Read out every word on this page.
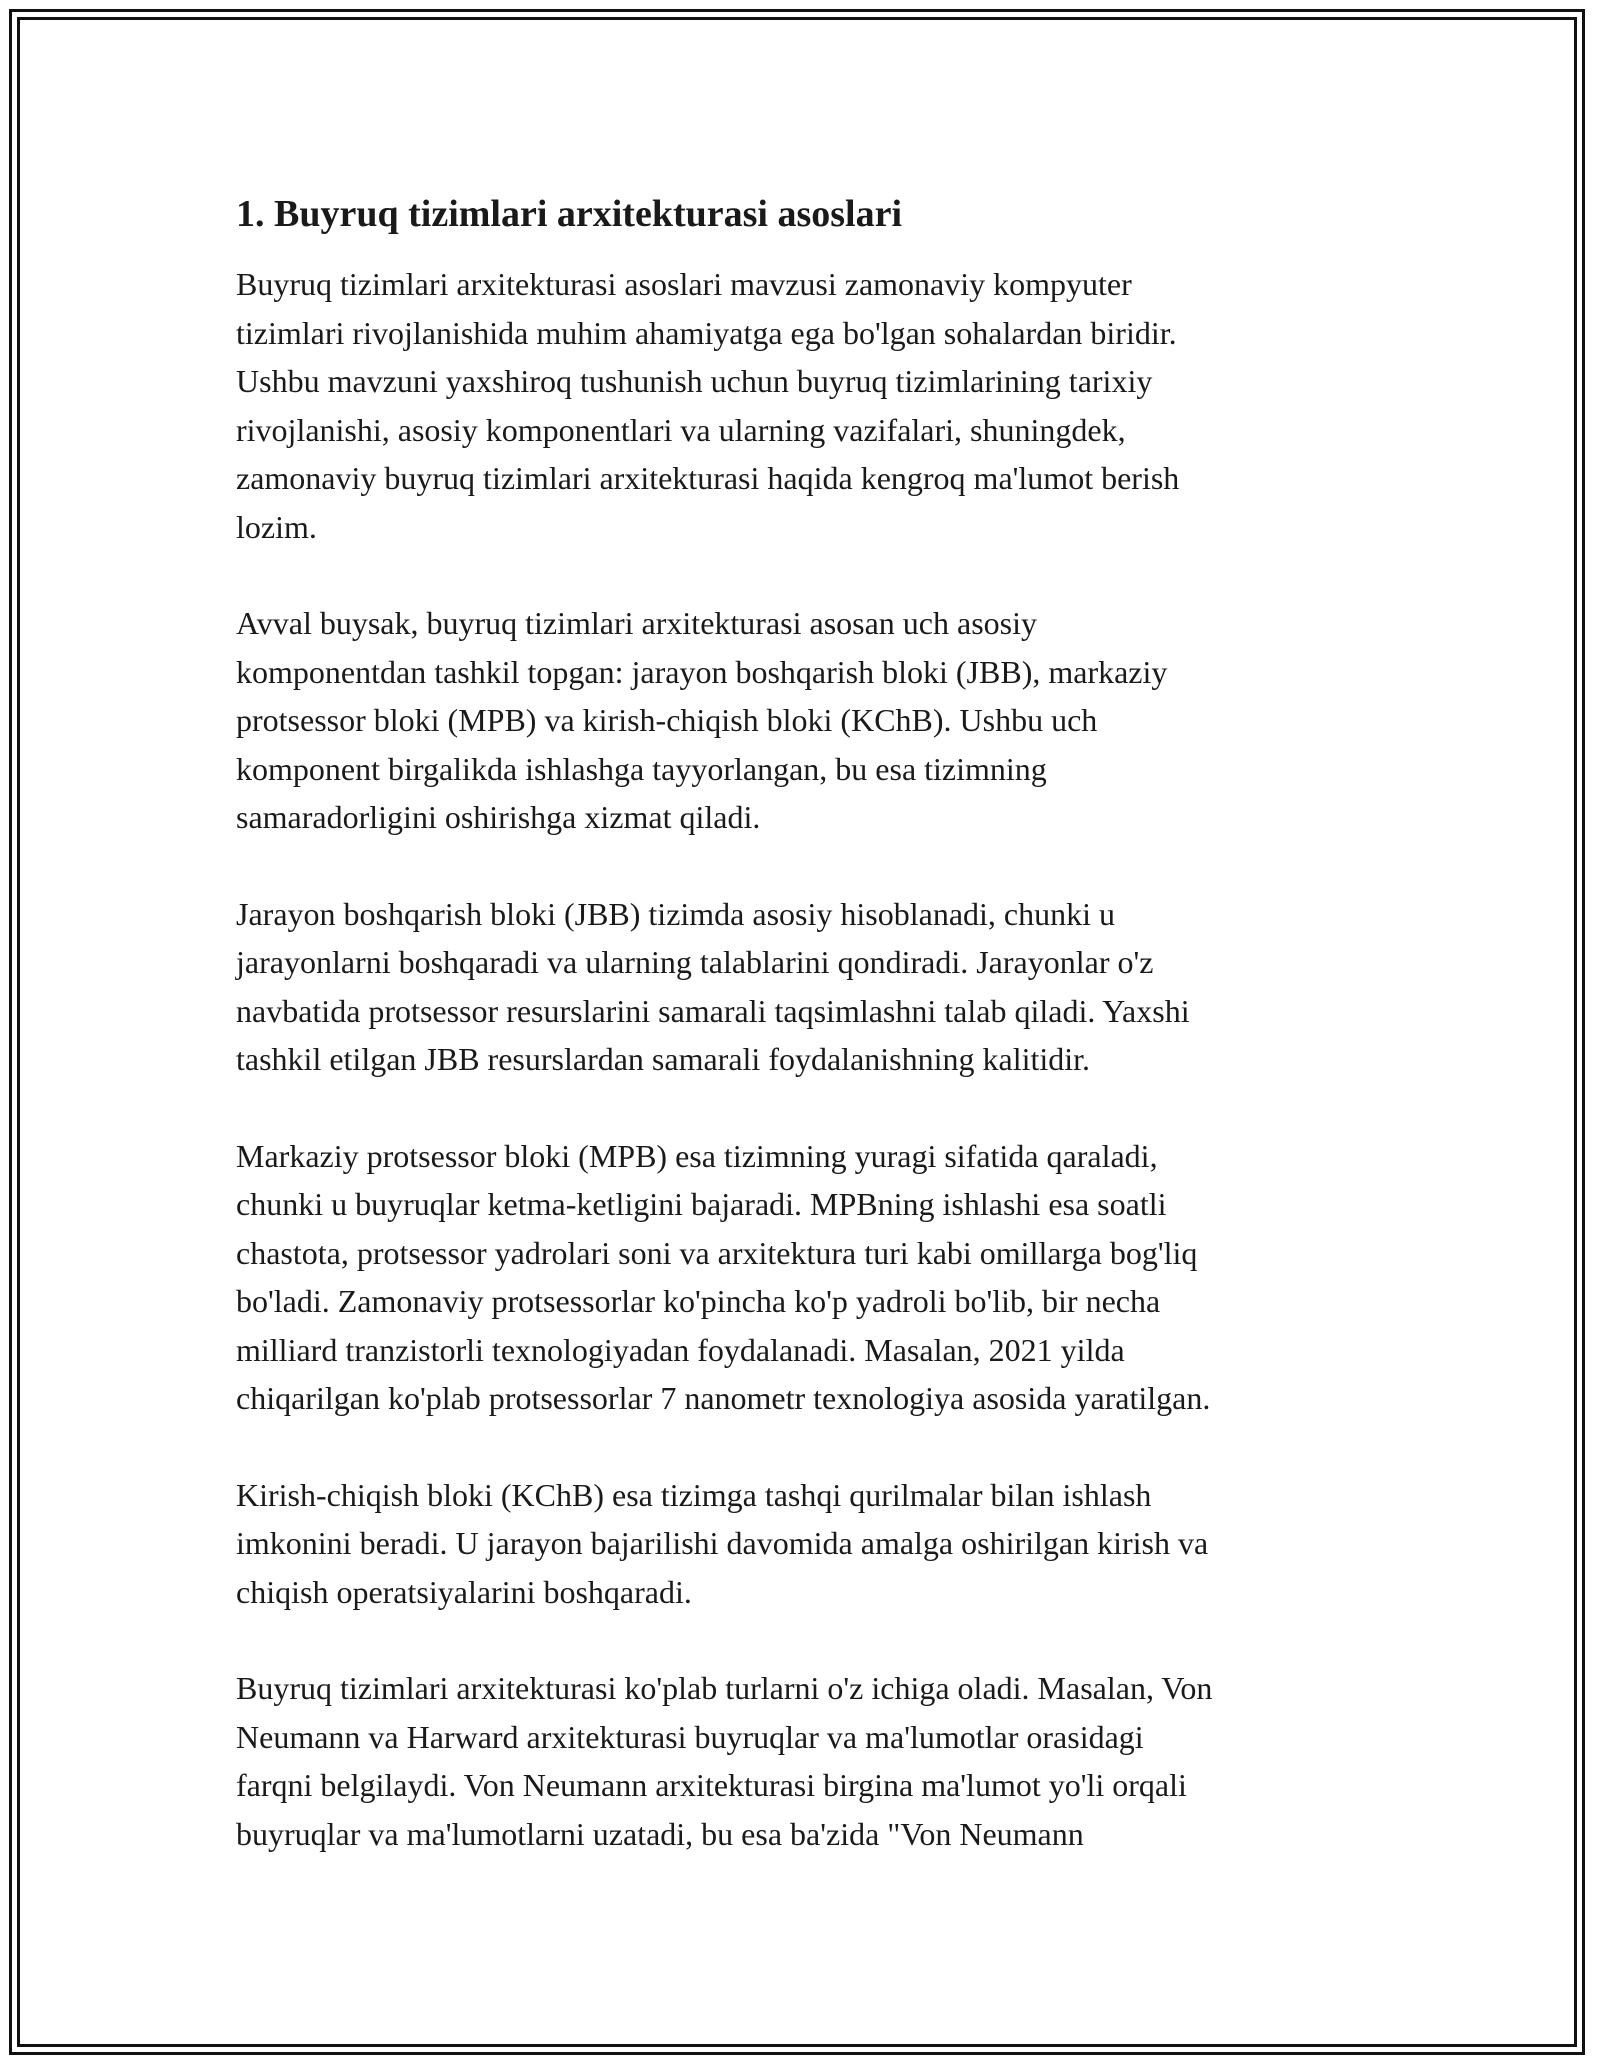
1. Buyruq tizimlari arxitekturasi asoslari

Buyruq tizimlari arxitekturasi asoslari mavzusi zamonaviy kompyuter
tizimlari rivojlanishida muhim ahamiyatga ega bo'lgan sohalardan biridir.
Ushbu mavzuni yaxshiroq tushunish uchun buyruq tizimlarining tarixiy
rivojlanishi, asosiy komponentlari va ularning vazifalari, shuningdek,
zamonaviy buyruq tizimlari arxitekturasi haqida kengroq ma'lumot berish
lozim.

Avval buysak, buyruq tizimlari arxitekturasi asosan uch asosiy
komponentdan tashkil topgan: jarayon boshqarish bloki (JBB), markaziy
protsessor bloki (MPB) va kirish-chiqish bloki (KChB). Ushbu uch
komponent birgalikda ishlashga tayyorlangan, bu esa tizimning
samaradorligini oshirishga xizmat qiladi.

Jarayon boshqarish bloki (JBB) tizimda asosiy hisoblanadi, chunki u
jarayonlarni boshqaradi va ularning talablarini qondiradi. Jarayonlar o'z
navbatida protsessor resurslarini samarali taqsimlashni talab qiladi. Yaxshi
tashkil etilgan JBB resurslardan samarali foydalanishning kalitidir.

Markaziy protsessor bloki (MPB) esa tizimning yuragi sifatida qaraladi,
chunki u buyruqlar ketma-ketligini bajaradi. MPBning ishlashi esa soatli
chastota, protsessor yadrolari soni va arxitektura turi kabi omillarga bog'liq
bo'ladi. Zamonaviy protsessorlar ko'pincha ko'p yadroli bo'lib, bir necha
milliard tranzistorli texnologiyadan foydalanadi. Masalan, 2021 yilda
chiqarilgan ko'plab protsessorlar 7 nanometr texnologiya asosida yaratilgan.

Kirish-chiqish bloki (KChB) esa tizimga tashqi qurilmalar bilan ishlash
imkonini beradi. U jarayon bajarilishi davomida amalga oshirilgan kirish va
chiqish operatsiyalarini boshqaradi.

Buyruq tizimlari arxitekturasi ko'plab turlarni o'z ichiga oladi. Masalan, Von
Neumann va Harward arxitekturasi buyruqlar va ma'lumotlar orasidagi
farqni belgilaydi. Von Neumann arxitekturasi birgina ma'lumot yo'li orqali
buyruqlar va ma'lumotlarni uzatadi, bu esa ba'zida "Von Neumann
